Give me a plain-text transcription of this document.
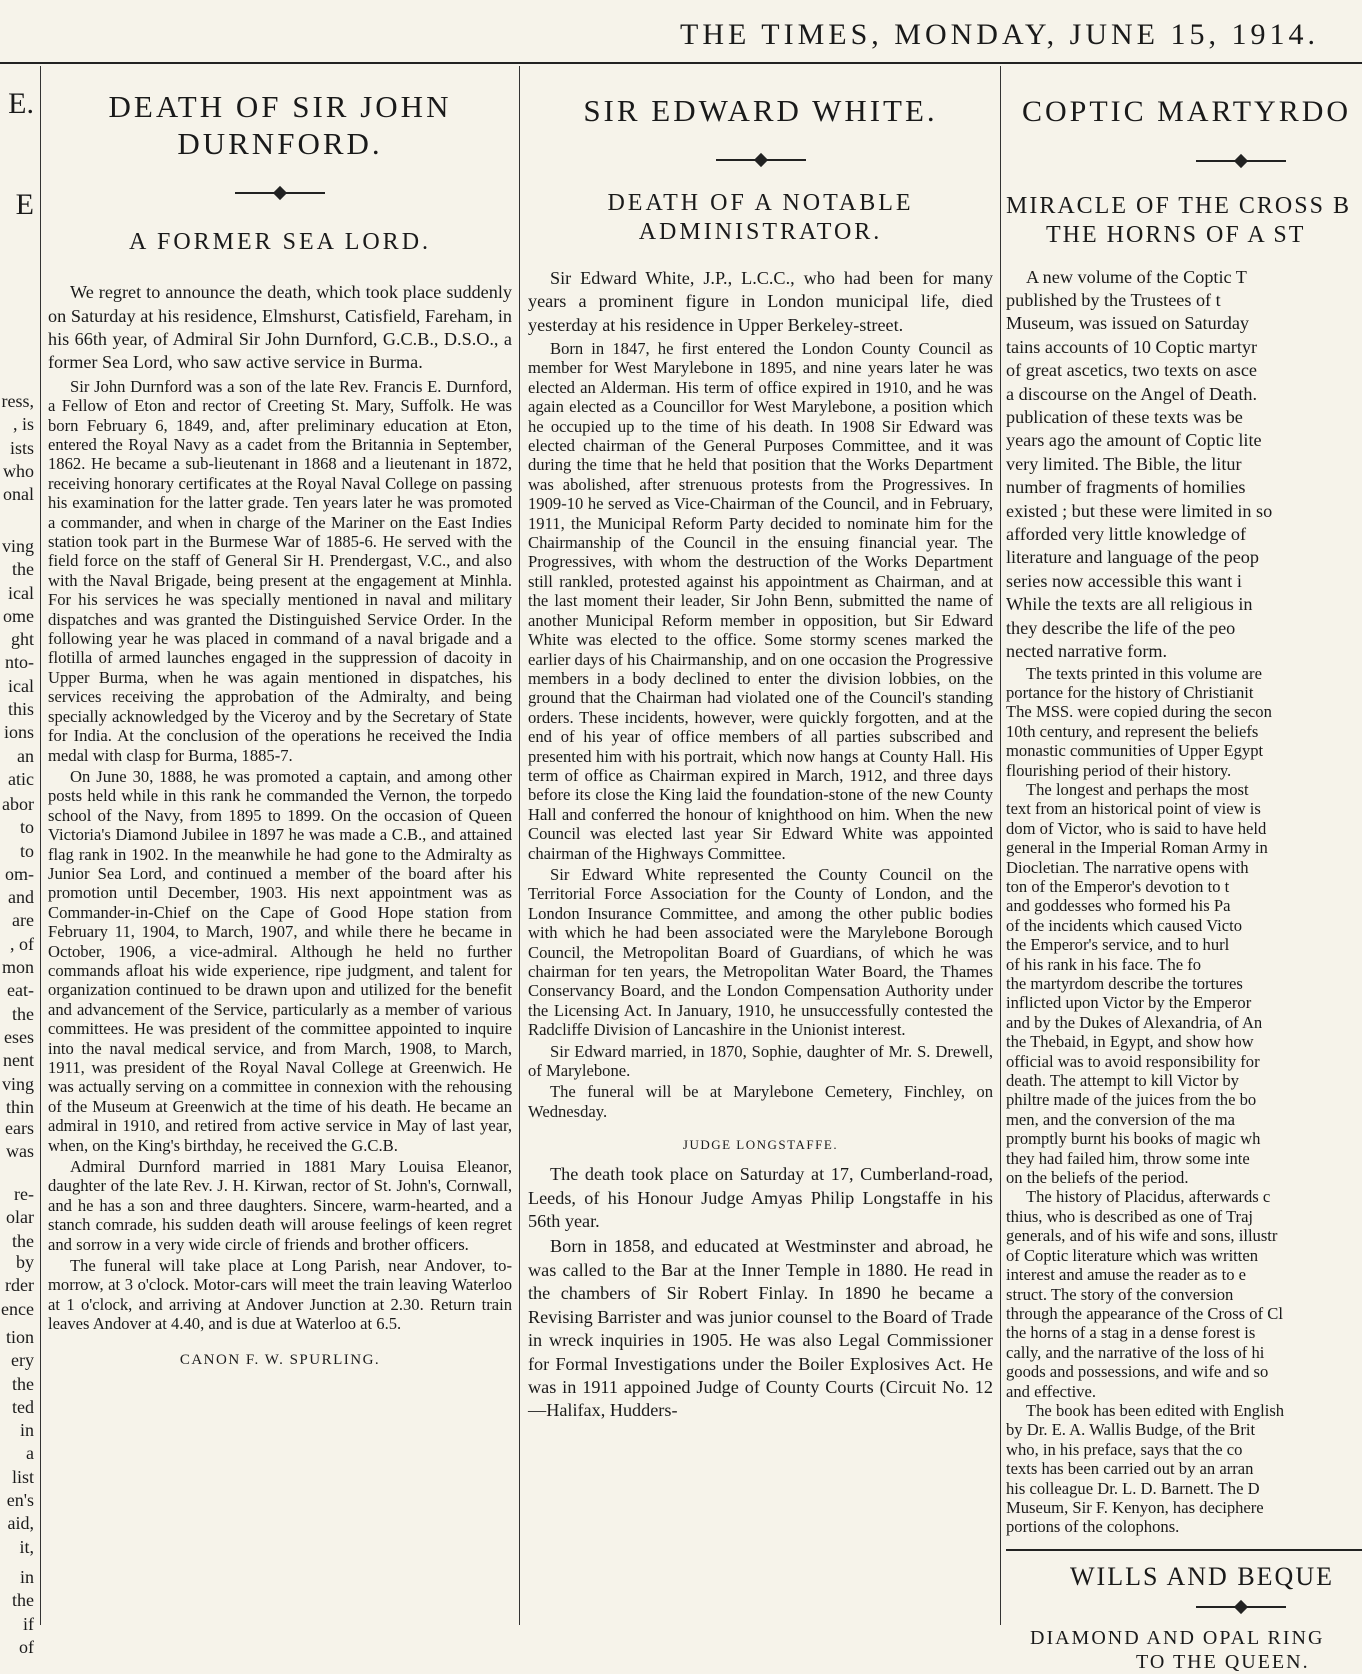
THE TIMES, MONDAY, JUNE 15, 1914.
E.
E
ress,
, is
ists
who
onal
ving
the
ical
ome
ght
nto-
ical
this
ions
an
atic
abor
to
to
om-
and
are
, of
mon
eat-
the
eses
nent
ving
thin
ears
was
re-
olar
the
by
rder
ence
tion
ery
the
ted
in
a
list
en's
aid,
it,
in
the
if
of
DEATH OF SIR JOHN DURNFORD.
A FORMER SEA LORD.

We regret to announce the death, which took place suddenly on Saturday at his residence, Elmshurst, Catisfield, Fareham, in his 66th year, of Admiral Sir John Durnford, G.C.B., D.S.O., a former Sea Lord, who saw active service in Burma.

Sir John Durnford was a son of the late Rev. Francis E. Durnford, a Fellow of Eton and rector of Creeting St. Mary, Suffolk. He was born February 6, 1849, and, after preliminary education at Eton, entered the Royal Navy as a cadet from the Britannia in September, 1862. He became a sub-lieutenant in 1868 and a lieutenant in 1872, receiving honorary certificates at the Royal Naval College on passing his examination for the latter grade. Ten years later he was promoted a commander, and when in charge of the Mariner on the East Indies station took part in the Burmese War of 1885-6. He served with the field force on the staff of General Sir H. Prendergast, V.C., and also with the Naval Brigade, being present at the engagement at Minhla. For his services he was specially mentioned in naval and military dispatches and was granted the Distinguished Service Order. In the following year he was placed in command of a naval brigade and a flotilla of armed launches engaged in the suppression of dacoity in Upper Burma, when he was again mentioned in dispatches, his services receiving the approbation of the Admiralty, and being specially acknowledged by the Viceroy and by the Secretary of State for India. At the conclusion of the operations he received the India medal with clasp for Burma, 1885-7.

On June 30, 1888, he was promoted a captain, and among other posts held while in this rank he commanded the Vernon, the torpedo school of the Navy, from 1895 to 1899. On the occasion of Queen Victoria's Diamond Jubilee in 1897 he was made a C.B., and attained flag rank in 1902. In the meanwhile he had gone to the Admiralty as Junior Sea Lord, and continued a member of the board after his promotion until December, 1903. His next appointment was as Commander-in-Chief on the Cape of Good Hope station from February 11, 1904, to March, 1907, and while there he became in October, 1906, a vice-admiral. Although he held no further commands afloat his wide experience, ripe judgment, and talent for organization continued to be drawn upon and utilized for the benefit and advancement of the Service, particularly as a member of various committees. He was president of the committee appointed to inquire into the naval medical service, and from March, 1908, to March, 1911, was president of the Royal Naval College at Greenwich. He was actually serving on a committee in connexion with the rehousing of the Museum at Greenwich at the time of his death. He became an admiral in 1910, and retired from active service in May of last year, when, on the King's birthday, he received the G.C.B.

Admiral Durnford married in 1881 Mary Louisa Eleanor, daughter of the late Rev. J. H. Kirwan, rector of St. John's, Cornwall, and he has a son and three daughters. Sincere, warm-hearted, and a stanch comrade, his sudden death will arouse feelings of keen regret and sorrow in a very wide circle of friends and brother officers.

The funeral will take place at Long Parish, near Andover, to-morrow, at 3 o'clock. Motor-cars will meet the train leaving Waterloo at 1 o'clock, and arriving at Andover Junction at 2.30. Return train leaves Andover at 4.40, and is due at Waterloo at 6.5.

CANON F. W. SPURLING.
SIR EDWARD WHITE.
DEATH OF A NOTABLE ADMINISTRATOR.

Sir Edward White, J.P., L.C.C., who had been for many years a prominent figure in London municipal life, died yesterday at his residence in Upper Berkeley-street.

Born in 1847, he first entered the London County Council as member for West Marylebone in 1895, and nine years later he was elected an Alderman. His term of office expired in 1910, and he was again elected as a Councillor for West Marylebone, a position which he occupied up to the time of his death. In 1908 Sir Edward was elected chairman of the General Purposes Committee, and it was during the time that he held that position that the Works Department was abolished, after strenuous protests from the Progressives. In 1909-10 he served as Vice-Chairman of the Council, and in February, 1911, the Municipal Reform Party decided to nominate him for the Chairmanship of the Council in the ensuing financial year. The Progressives, with whom the destruction of the Works Department still rankled, protested against his appointment as Chairman, and at the last moment their leader, Sir John Benn, submitted the name of another Municipal Reform member in opposition, but Sir Edward White was elected to the office. Some stormy scenes marked the earlier days of his Chairmanship, and on one occasion the Progressive members in a body declined to enter the division lobbies, on the ground that the Chairman had violated one of the Council's standing orders. These incidents, however, were quickly forgotten, and at the end of his year of office members of all parties subscribed and presented him with his portrait, which now hangs at County Hall. His term of office as Chairman expired in March, 1912, and three days before its close the King laid the foundation-stone of the new County Hall and conferred the honour of knighthood on him. When the new Council was elected last year Sir Edward White was appointed chairman of the Highways Committee.

Sir Edward White represented the County Council on the Territorial Force Association for the County of London, and the London Insurance Committee, and among the other public bodies with which he had been associated were the Marylebone Borough Council, the Metropolitan Board of Guardians, of which he was chairman for ten years, the Metropolitan Water Board, the Thames Conservancy Board, and the London Compensation Authority under the Licensing Act. In January, 1910, he unsuccessfully contested the Radcliffe Division of Lancashire in the Unionist interest.

Sir Edward married, in 1870, Sophie, daughter of Mr. S. Drewell, of Marylebone.

The funeral will be at Marylebone Cemetery, Finchley, on Wednesday.

JUDGE LONGSTAFFE.

The death took place on Saturday at 17, Cumberland-road, Leeds, of his Honour Judge Amyas Philip Longstaffe in his 56th year.

Born in 1858, and educated at Westminster and abroad, he was called to the Bar at the Inner Temple in 1880. He read in the chambers of Sir Robert Finlay. In 1890 he became a Revising Barrister and was junior counsel to the Board of Trade in wreck inquiries in 1905. He was also Legal Commissioner for Formal Investigations under the Boiler Explosives Act. He was in 1911 appoined Judge of County Courts (Circuit No. 12—Halifax, Hudders-

COPTIC MARTYRDO
MIRACLE OF THE CROSS B
THE HORNS OF A ST
A new volume of the Coptic T
published by the Trustees of t
Museum, was issued on Saturday
tains accounts of 10 Coptic martyr
of great ascetics, two texts on asce
a discourse on the Angel of Death.
publication of these texts was be
years ago the amount of Coptic lite
very limited. The Bible, the litur
number of fragments of homilies
existed ; but these were limited in so
afforded very little knowledge of
literature and language of the peop
series now accessible this want i
While the texts are all religious in
they describe the life of the peo
nected narrative form.
The texts printed in this volume are
portance for the history of Christianit
The MSS. were copied during the secon
10th century, and represent the beliefs
monastic communities of Upper Egypt
flourishing period of their history.
The longest and perhaps the most
text from an historical point of view is
dom of Victor, who is said to have held
general in the Imperial Roman Army in
Diocletian. The narrative opens with
ton of the Emperor's devotion to t
and goddesses who formed his Pa
of the incidents which caused Victo
the Emperor's service, and to hurl
of his rank in his face. The fo
the martyrdom describe the tortures
inflicted upon Victor by the Emperor
and by the Dukes of Alexandria, of An
the Thebaid, in Egypt, and show how
official was to avoid responsibility for
death. The attempt to kill Victor by
philtre made of the juices from the bo
men, and the conversion of the ma
promptly burnt his books of magic wh
they had failed him, throw some inte
on the beliefs of the period.
The history of Placidus, afterwards c
thius, who is described as one of Traj
generals, and of his wife and sons, illustr
of Coptic literature which was written
interest and amuse the reader as to e
struct. The story of the conversion
through the appearance of the Cross of Cl
the horns of a stag in a dense forest is
cally, and the narrative of the loss of hi
goods and possessions, and wife and so
and effective.
The book has been edited with English
by Dr. E. A. Wallis Budge, of the Brit
who, in his preface, says that the co
texts has been carried out by an arran
his colleague Dr. L. D. Barnett. The D
Museum, Sir F. Kenyon, has deciphere
portions of the colophons.
WILLS AND BEQUE
DIAMOND AND OPAL RING
TO THE QUEEN.
